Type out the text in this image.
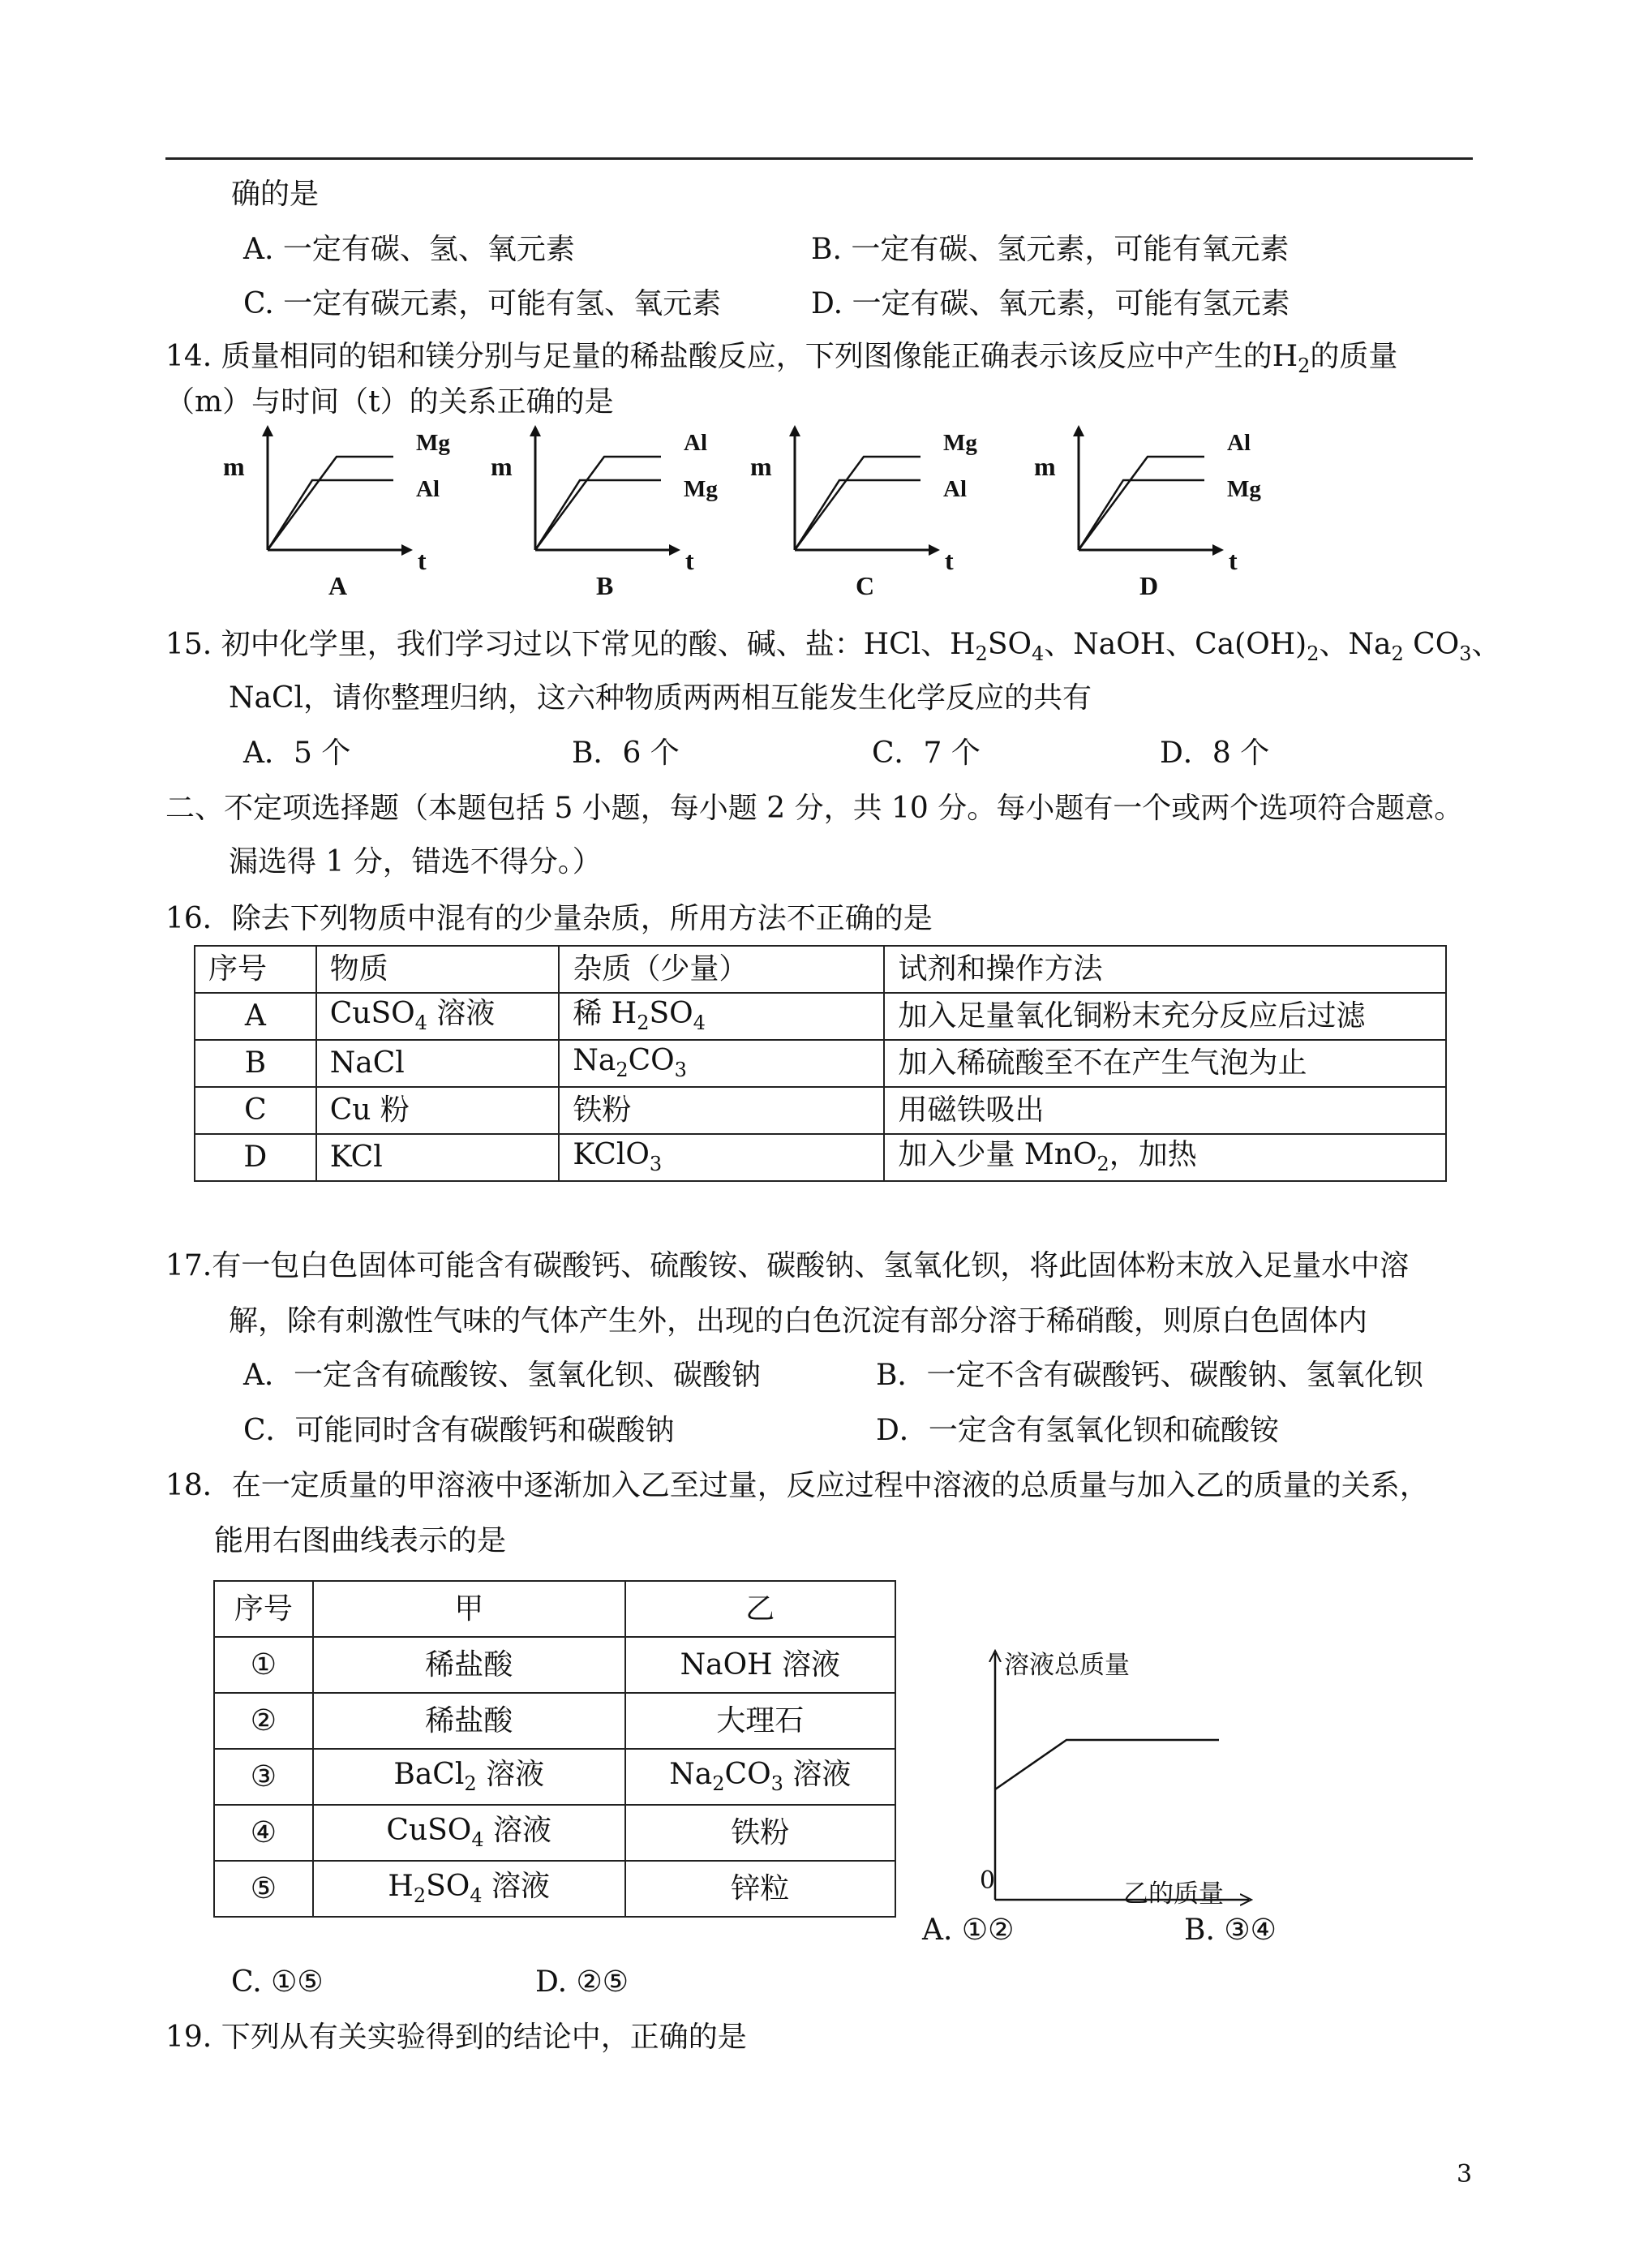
确的是
A. 一定有碳、氢、氧元素	B. 一定有碳、氢元素，可能有氧元素
C. 一定有碳元素，可能有氢、氧元素	D. 一定有碳、氧元素，可能有氢元素
14. 质量相同的铝和镁分别与足量的稀盐酸反应，下列图像能正确表示该反应中产生的$H_2$的质量
（m）与时间（t）的关系正确的是
m
t
Mg
Al
A
m
t
Al
Mg
B
m
t
Mg
Al
C
m
t
Al
Mg
D
15. 初中化学里，我们学习过以下常见的酸、碱、盐：HCl、$H_2SO_4$、NaOH、$Ca(OH)_2$、$Na_2$ $CO_3$、
NaCl，请你整理归纳，这六种物质两两相互能发生化学反应的共有
A．5 个	B．6 个	C．7 个	D．8 个
二、不定项选择题（本题包括 5 小题，每小题 2 分，共 10 分。每小题有一个或两个选项符合题意。
漏选得 1 分，错选不得分。）
16．除去下列物质中混有的少量杂质，所用方法不正确的是
序号	物质	杂质（少量）	试剂和操作方法
A	CuSO$_4$ 溶液	稀 $H_2SO_4$	加入足量氧化铜粉末充分反应后过滤
B	NaCl	$Na_2CO_3$	加入稀硫酸至不在产生气泡为止
C	Cu 粉	铁粉	用磁铁吸出
D	KCl	KClO$_3$	加入少量 MnO$_2$，加热
17.有一包白色固体可能含有碳酸钙、硫酸铵、碳酸钠、氢氧化钡，将此固体粉末放入足量水中溶
解，除有刺激性气味的气体产生外，出现的白色沉淀有部分溶于稀硝酸，则原白色固体内
A．一定含有硫酸铵、氢氧化钡、碳酸钠	B．一定不含有碳酸钙、碳酸钠、氢氧化钡
C．可能同时含有碳酸钙和碳酸钠	D．一定含有氢氧化钡和硫酸铵
18．在一定质量的甲溶液中逐渐加入乙至过量，反应过程中溶液的总质量与加入乙的质量的关系，
能用右图曲线表示的是
序号	甲	乙
①	稀盐酸	NaOH 溶液
②	稀盐酸	大理石
③	BaCl$_2$ 溶液	$Na_2CO_3$ 溶液
④	CuSO$_4$ 溶液	铁粉
⑤	$H_2SO_4$ 溶液	锌粒
溶液总质量
0	乙的质量
A. ①②	B. ③④
C. ①⑤	D. ②⑤
19. 下列从有关实验得到的结论中，正确的是
3
